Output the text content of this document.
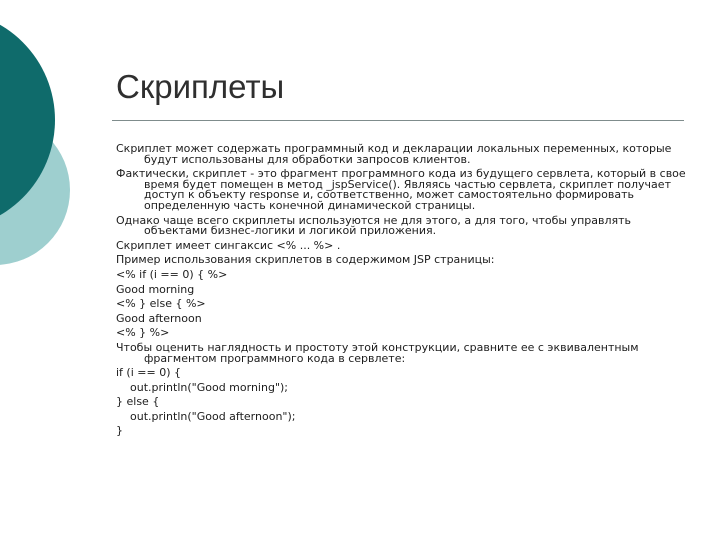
Скриплеты

Скриплет может содержать программный код и декларации локальных переменных, которые будут использованы для обработки запросов клиентов.

Фактически, скриплет - это фрагмент программного кода из будущего сервлета, который в свое время будет помещен в метод _jspService(). Являясь частью сервлета, скриплет получает доступ к объекту response и, соответственно, может самостоятельно формировать определенную часть конечной динамической страницы.

Однако чаще всего скриплеты используются не для этого, а для того, чтобы управлять объектами бизнес-логики и логикой приложения.

Скриплет имеет сингаксис <% ... %> .

Пример использования скриплетов в содержимом JSP страницы:

<% if (i == 0) { %>

Good morning

<% } else { %>

Good afternoon

<% } %>

Чтобы оценить наглядность и простоту этой конструкции, сравните ее с эквивалентным фрагментом программного кода в сервлете:

if (i == 0) {

out.println("Good morning");

} else {

out.println("Good afternoon");

}
